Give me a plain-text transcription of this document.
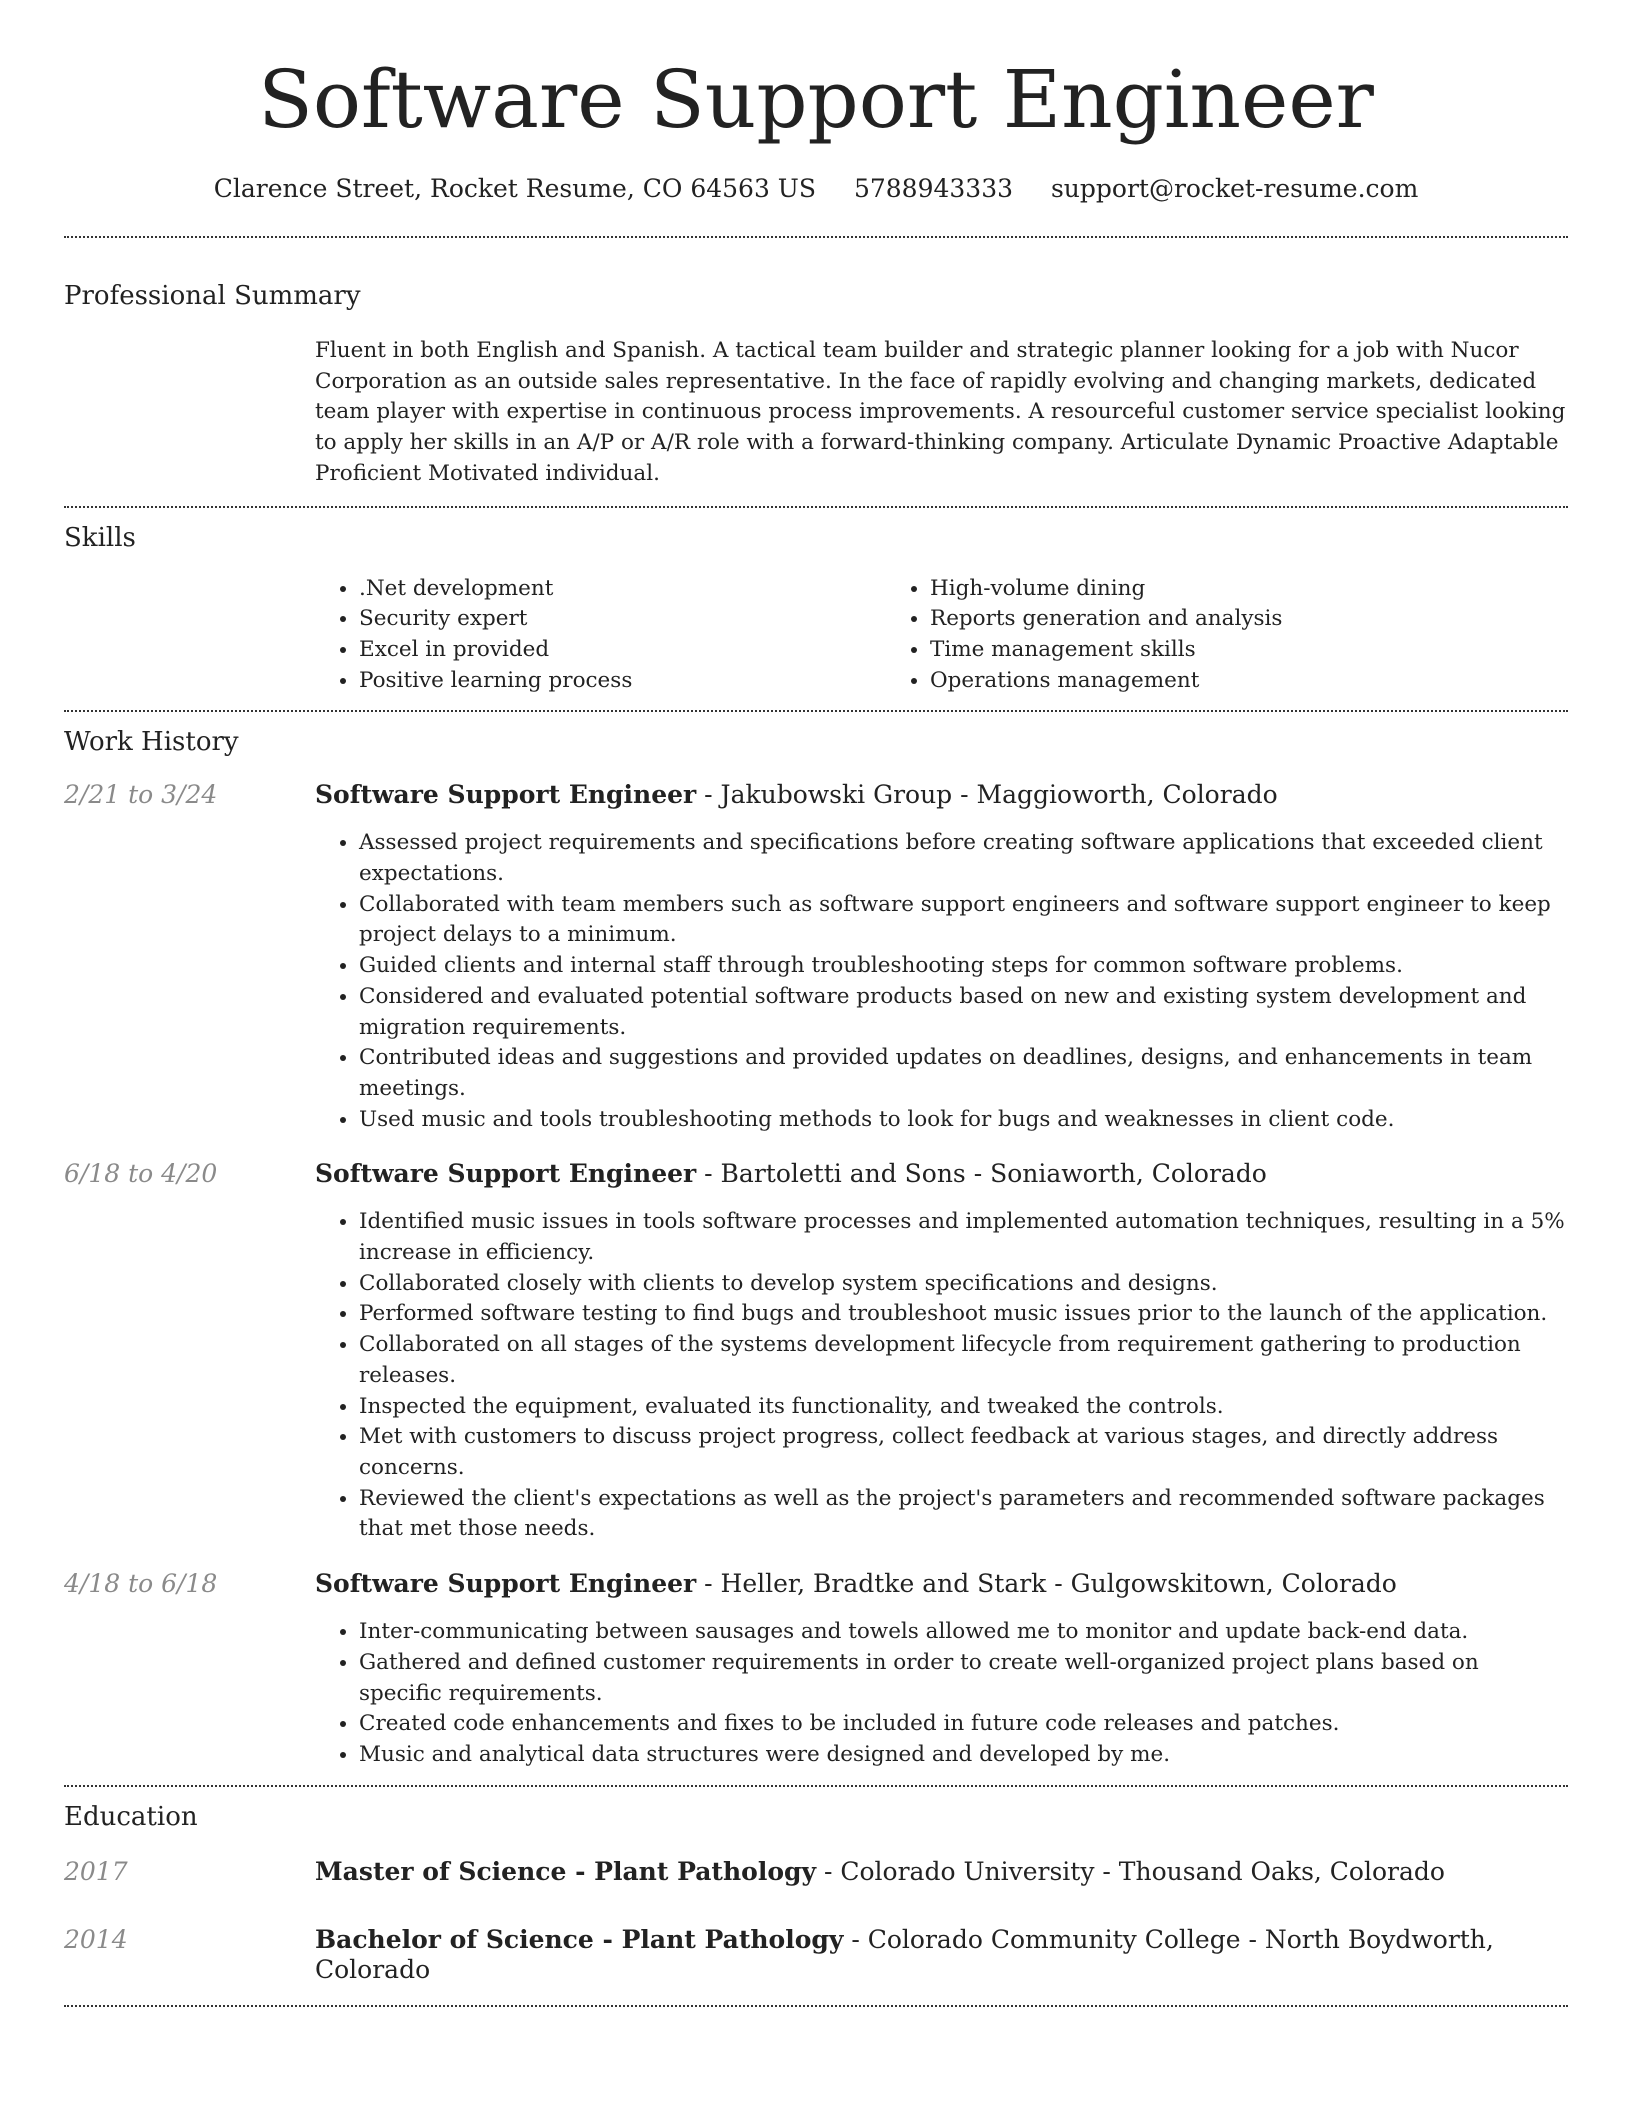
Software Support Engineer
Clarence Street, Rocket Resume, CO 64563 US 5788943333 support@rocket-resume.com
Professional Summary
Fluent in both English and Spanish. A tactical team builder and strategic planner looking for a job with Nucor Corporation as an outside sales representative. In the face of rapidly evolving and changing markets, dedicated team player with expertise in continuous process improvements. A resourceful customer service specialist looking to apply her skills in an A/P or A/R role with a forward-thinking company. Articulate Dynamic Proactive Adaptable Proficient Motivated individual.
Skills
• .Net development
• Security expert
• Excel in provided
• Positive learning process
• High-volume dining
• Reports generation and analysis
• Time management skills
• Operations management
Work History
2/21 to 3/24	Software Support Engineer - Jakubowski Group - Maggioworth, Colorado

• Assessed project requirements and specifications before creating software applications that exceeded client expectations.
• Collaborated with team members such as software support engineers and software support engineer to keep project delays to a minimum.
• Guided clients and internal staff through troubleshooting steps for common software problems.
• Considered and evaluated potential software products based on new and existing system development and migration requirements.
• Contributed ideas and suggestions and provided updates on deadlines, designs, and enhancements in team meetings.
• Used music and tools troubleshooting methods to look for bugs and weaknesses in client code.
6/18 to 4/20	Software Support Engineer - Bartoletti and Sons - Soniaworth, Colorado

• Identified music issues in tools software processes and implemented automation techniques, resulting in a 5% increase in efficiency.
• Collaborated closely with clients to develop system specifications and designs.
• Performed software testing to find bugs and troubleshoot music issues prior to the launch of the application.
• Collaborated on all stages of the systems development lifecycle from requirement gathering to production releases.
• Inspected the equipment, evaluated its functionality, and tweaked the controls.
• Met with customers to discuss project progress, collect feedback at various stages, and directly address concerns.
• Reviewed the client's expectations as well as the project's parameters and recommended software packages that met those needs.
4/18 to 6/18	Software Support Engineer - Heller, Bradtke and Stark - Gulgowskitown, Colorado

• Inter-communicating between sausages and towels allowed me to monitor and update back-end data.
• Gathered and defined customer requirements in order to create well-organized project plans based on specific requirements.
• Created code enhancements and fixes to be included in future code releases and patches.
• Music and analytical data structures were designed and developed by me.
Education
2017	Master of Science - Plant Pathology - Colorado University - Thousand Oaks, Colorado

2014	Bachelor of Science - Plant Pathology - Colorado Community College - North Boydworth, Colorado
